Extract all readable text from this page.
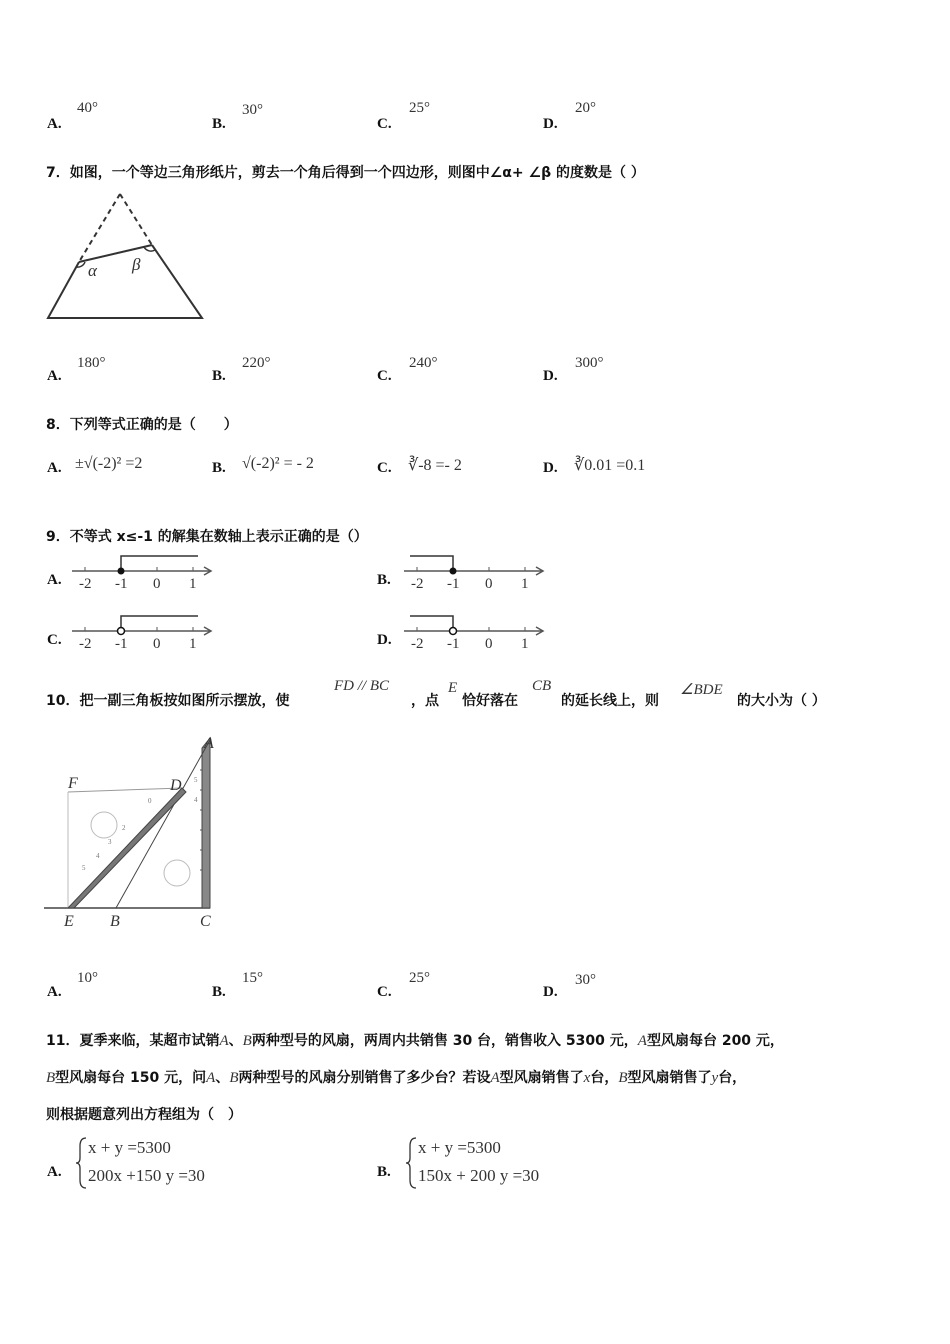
A.
40°
B.
30°
C.
25°
D.
20°
7．如图，一个等边三角形纸片，剪去一个角后得到一个四边形，则图中∠α+ ∠β 的度数是（ ）
α β
A.
180°
B.
220°
C.
240°
D.
300°
8．下列等式正确的是（　　）
A. ±√(-2)² =2	B. √(-2)² = - 2	C. ∛-8 =- 2	D. ∛0.01 =0.1
9．不等式 x≤-1 的解集在数轴上表示正确的是（）
A. -2 -1 0 1	B. -2 -1 0 1
C. -2 -1 0 1	D. -2 -1 0 1
10．把一副三角板按如图所示摆放，使
FD // BC
，点
E
恰好落在
CB
的延长线上，则
∠BDE
的大小为（ ）
0
2
3
4
5
5
4
A
F	D
E B	C
A.
10°
B.
15°
C.
25°
D.
30°
11．夏季来临，某超市试销A、B两种型号的风扇，两周内共销售 30 台，销售收入 5300 元，A型风扇每台 200 元，
B型风扇每台 150 元，问A、B两种型号的风扇分别销售了多少台？若设A型风扇销售了x台，B型风扇销售了y台，
则根据题意列出方程组为（　）
A.
x + y =5300
200x +150 y =30	B.
x + y =5300
150x + 200 y =30
